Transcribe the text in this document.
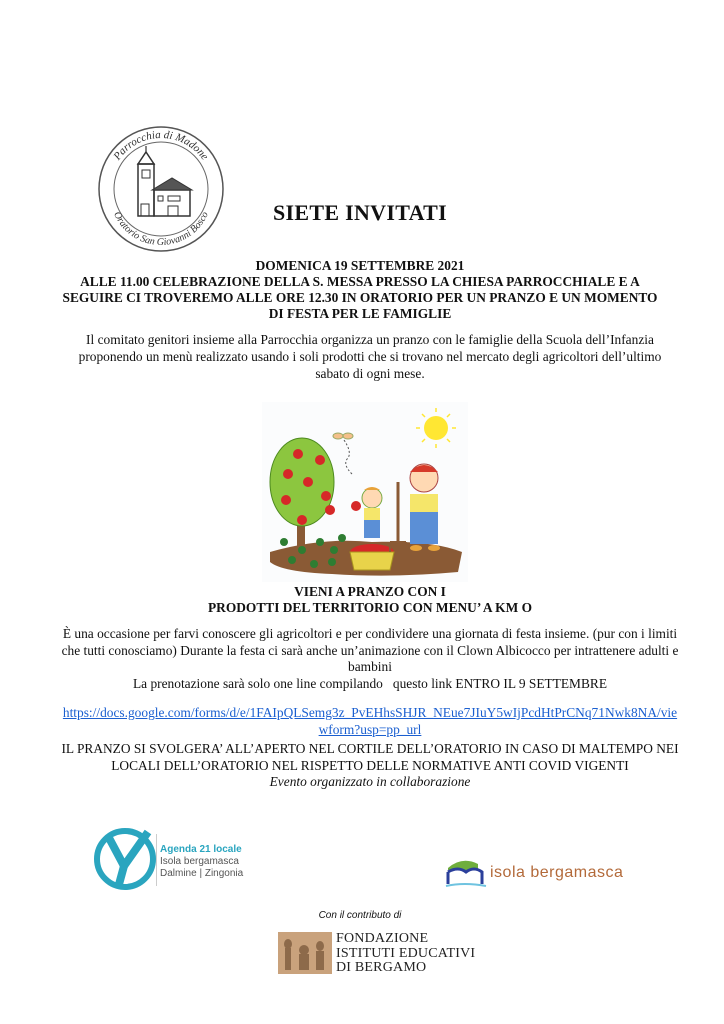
Parrocchia di Madone
Oratorio San Giovanni Bosco	SIETE INVITATI
DOMENICA 19 SETTEMBRE 2021
ALLE 11.00 CELEBRAZIONE DELLA S. MESSA PRESSO LA CHIESA PARROCCHIALE E A SEGUIRE CI TROVEREMO ALLE ORE 12.30 IN ORATORIO PER UN PRANZO E UN MOMENTO DI FESTA PER LE FAMIGLIE
Il comitato genitori insieme alla Parrocchia organizza un pranzo con le famiglie della Scuola dell’Infanzia proponendo un menù realizzato usando i soli prodotti che si trovano nel mercato degli agricoltori dell’ultimo sabato di ogni mese.
VIENI A PRANZO CON I
PRODOTTI DEL TERRITORIO CON MENU’ A KM O
È una occasione per farvi conoscere gli agricoltori e per condividere una giornata di festa insieme. (pur con i limiti che tutti conosciamo) Durante la festa ci sarà anche un’animazione con il Clown Albicocco per intrattenere adulti e bambini
La prenotazione sarà solo one line compilando   questo link ENTRO IL 9 SETTEMBRE
https://docs.google.com/forms/d/e/1FAIpQLSemg3z_PvEHhsSHJR_NEue7JIuY5wIjPcdHtPrCNq71Nwk8NA/viewform?usp=pp_url
IL PRANZO SI SVOLGERA’ ALL’APERTO NEL CORTILE DELL’ORATORIO IN CASO DI MALTEMPO NEI LOCALI DELL’ORATORIO NEL RISPETTO DELLE NORMATIVE ANTI COVID VIGENTI
Evento organizzato in collaborazione
Agenda 21 locale
Isola bergamasca
Dalmine | Zingonia	isola bergamasca
Con il contributo di
FONDAZIONE
ISTITUTI EDUCATIVI
DI BERGAMO
